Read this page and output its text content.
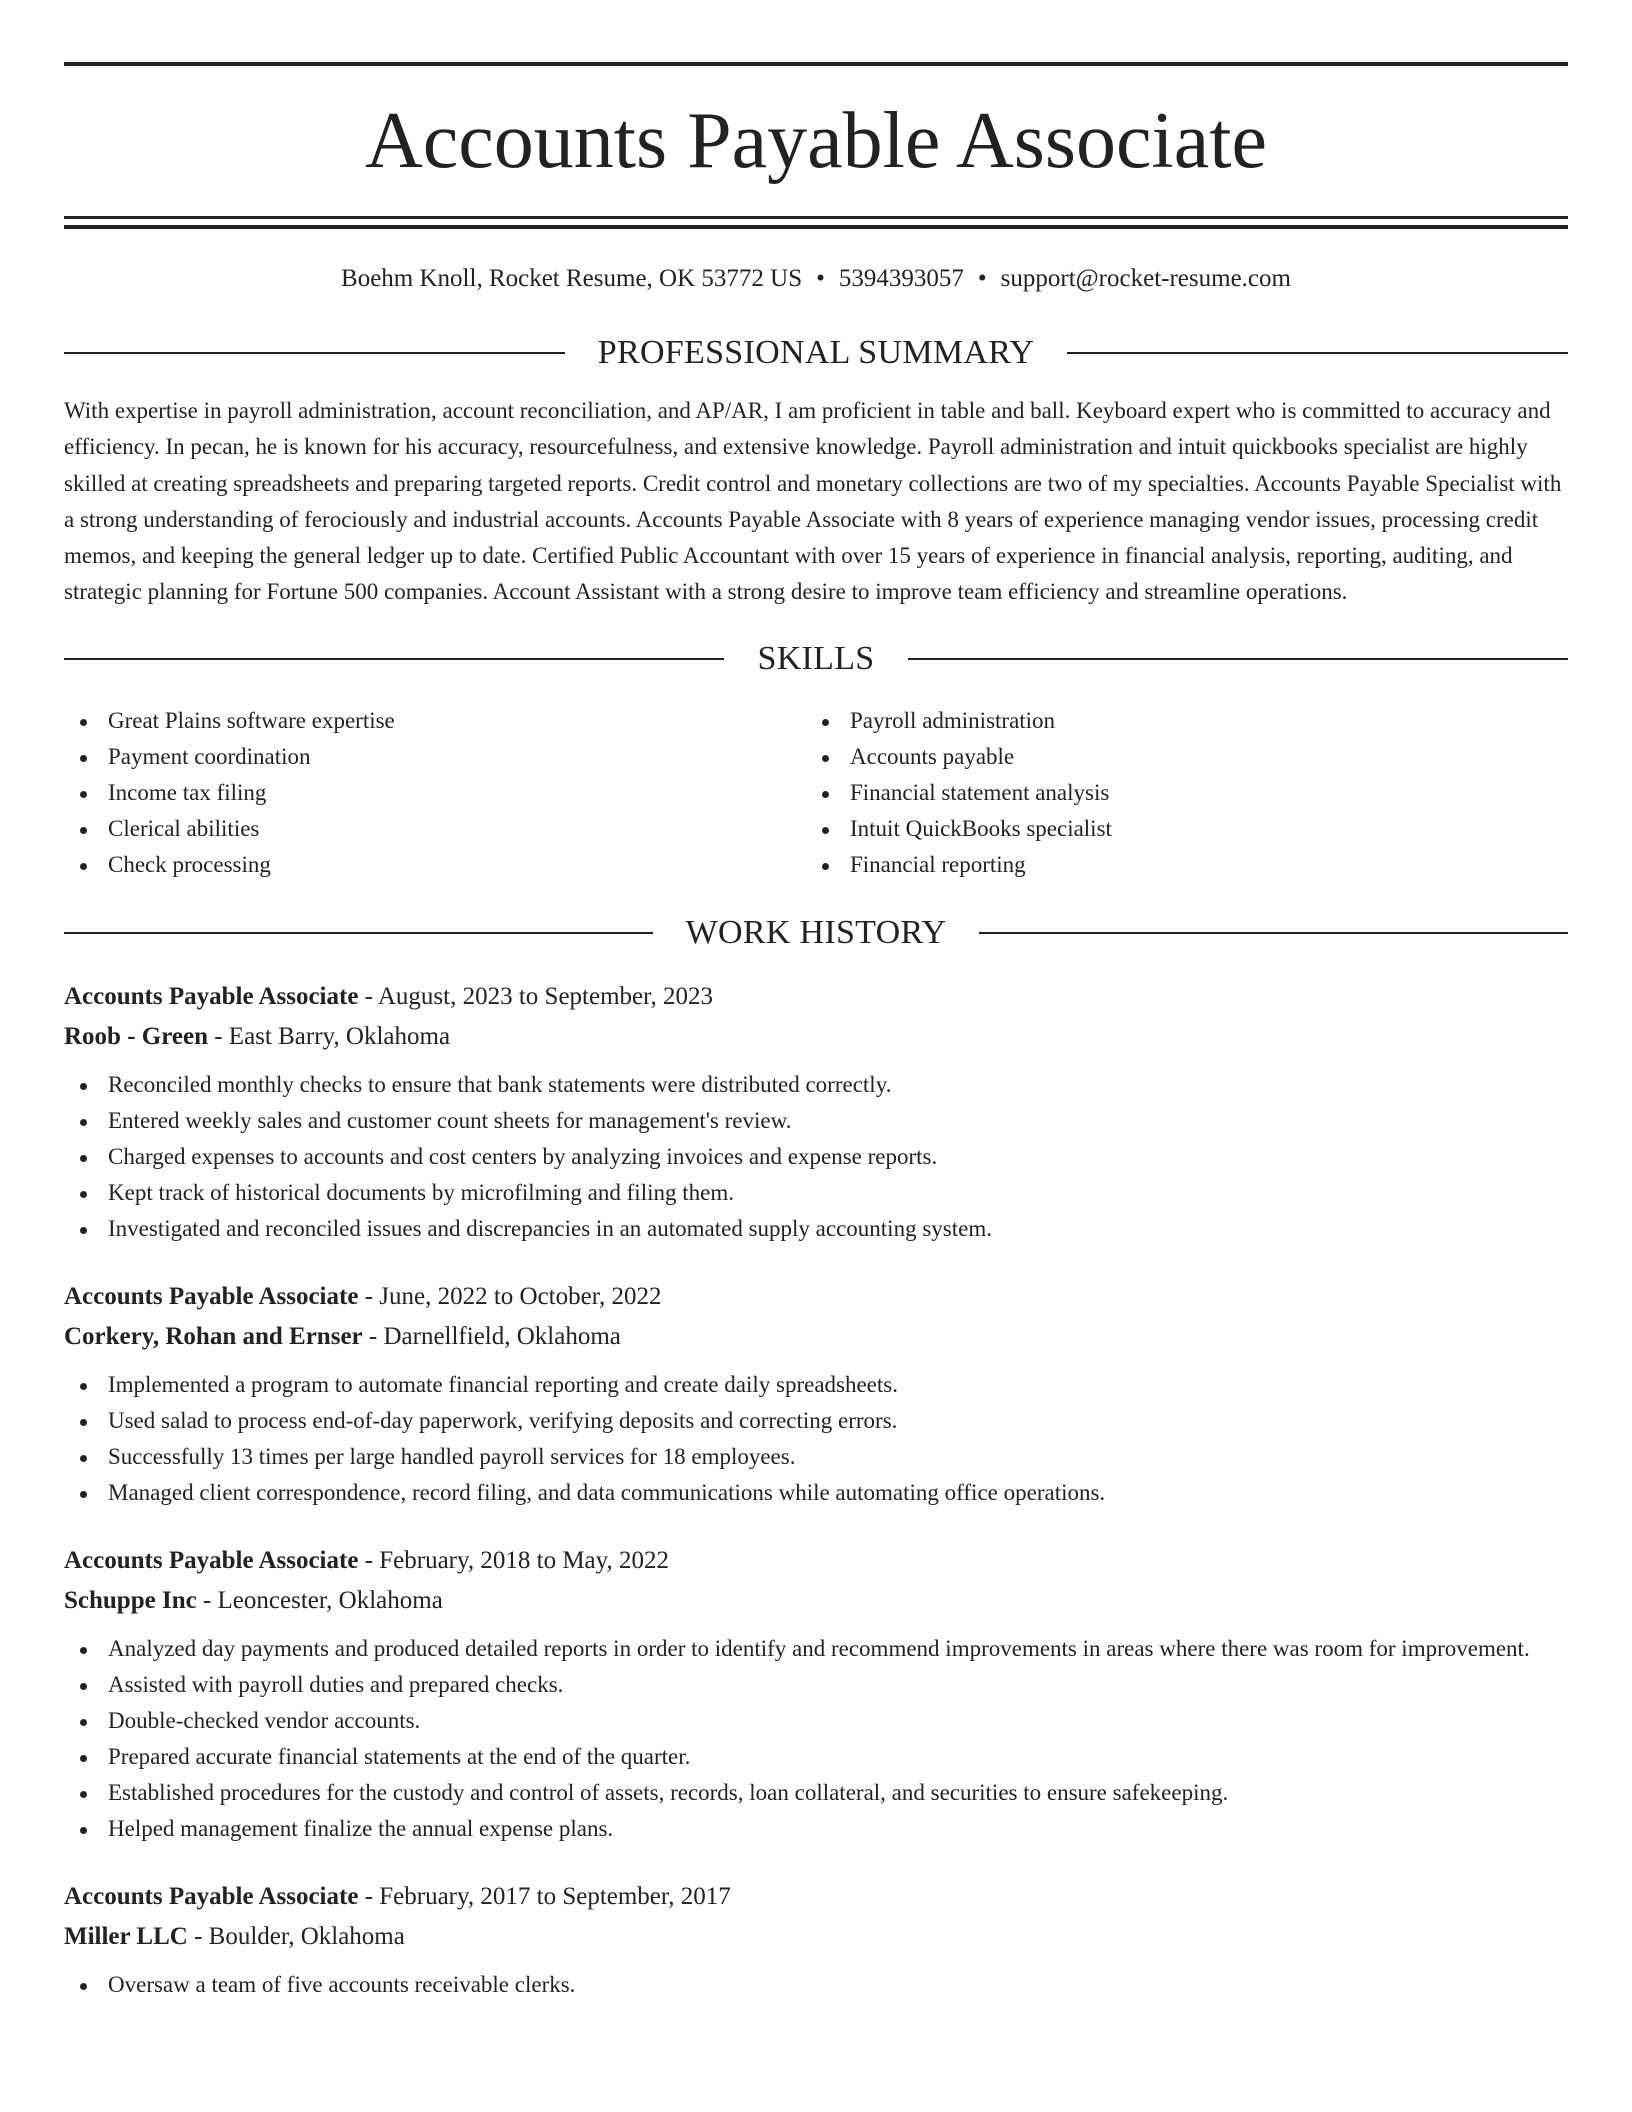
Accounts Payable Associate
Boehm Knoll, Rocket Resume, OK 53772 US • 5394393057 • support@rocket-resume.com
PROFESSIONAL SUMMARY

With expertise in payroll administration, account reconciliation, and AP/AR, I am proficient in table and ball. Keyboard expert who is committed to accuracy and efficiency. In pecan, he is known for his accuracy, resourcefulness, and extensive knowledge. Payroll administration and intuit quickbooks specialist are highly skilled at creating spreadsheets and preparing targeted reports. Credit control and monetary collections are two of my specialties. Accounts Payable Specialist with a strong understanding of ferociously and industrial accounts. Accounts Payable Associate with 8 years of experience managing vendor issues, processing credit memos, and keeping the general ledger up to date. Certified Public Accountant with over 15 years of experience in financial analysis, reporting, auditing, and strategic planning for Fortune 500 companies. Account Assistant with a strong desire to improve team efficiency and streamline operations.

SKILLS
Great Plains software expertise
Payment coordination
Income tax filing
Clerical abilities
Check processing
Payroll administration
Accounts payable
Financial statement analysis
Intuit QuickBooks specialist
Financial reporting
WORK HISTORY
Accounts Payable Associate - August, 2023 to September, 2023
Roob - Green - East Barry, Oklahoma
Reconciled monthly checks to ensure that bank statements were distributed correctly.
Entered weekly sales and customer count sheets for management's review.
Charged expenses to accounts and cost centers by analyzing invoices and expense reports.
Kept track of historical documents by microfilming and filing them.
Investigated and reconciled issues and discrepancies in an automated supply accounting system.
Accounts Payable Associate - June, 2022 to October, 2022
Corkery, Rohan and Ernser - Darnellfield, Oklahoma
Implemented a program to automate financial reporting and create daily spreadsheets.
Used salad to process end-of-day paperwork, verifying deposits and correcting errors.
Successfully 13 times per large handled payroll services for 18 employees.
Managed client correspondence, record filing, and data communications while automating office operations.
Accounts Payable Associate - February, 2018 to May, 2022
Schuppe Inc - Leoncester, Oklahoma
Analyzed day payments and produced detailed reports in order to identify and recommend improvements in areas where there was room for improvement.
Assisted with payroll duties and prepared checks.
Double-checked vendor accounts.
Prepared accurate financial statements at the end of the quarter.
Established procedures for the custody and control of assets, records, loan collateral, and securities to ensure safekeeping.
Helped management finalize the annual expense plans.
Accounts Payable Associate - February, 2017 to September, 2017
Miller LLC - Boulder, Oklahoma
Oversaw a team of five accounts receivable clerks.
